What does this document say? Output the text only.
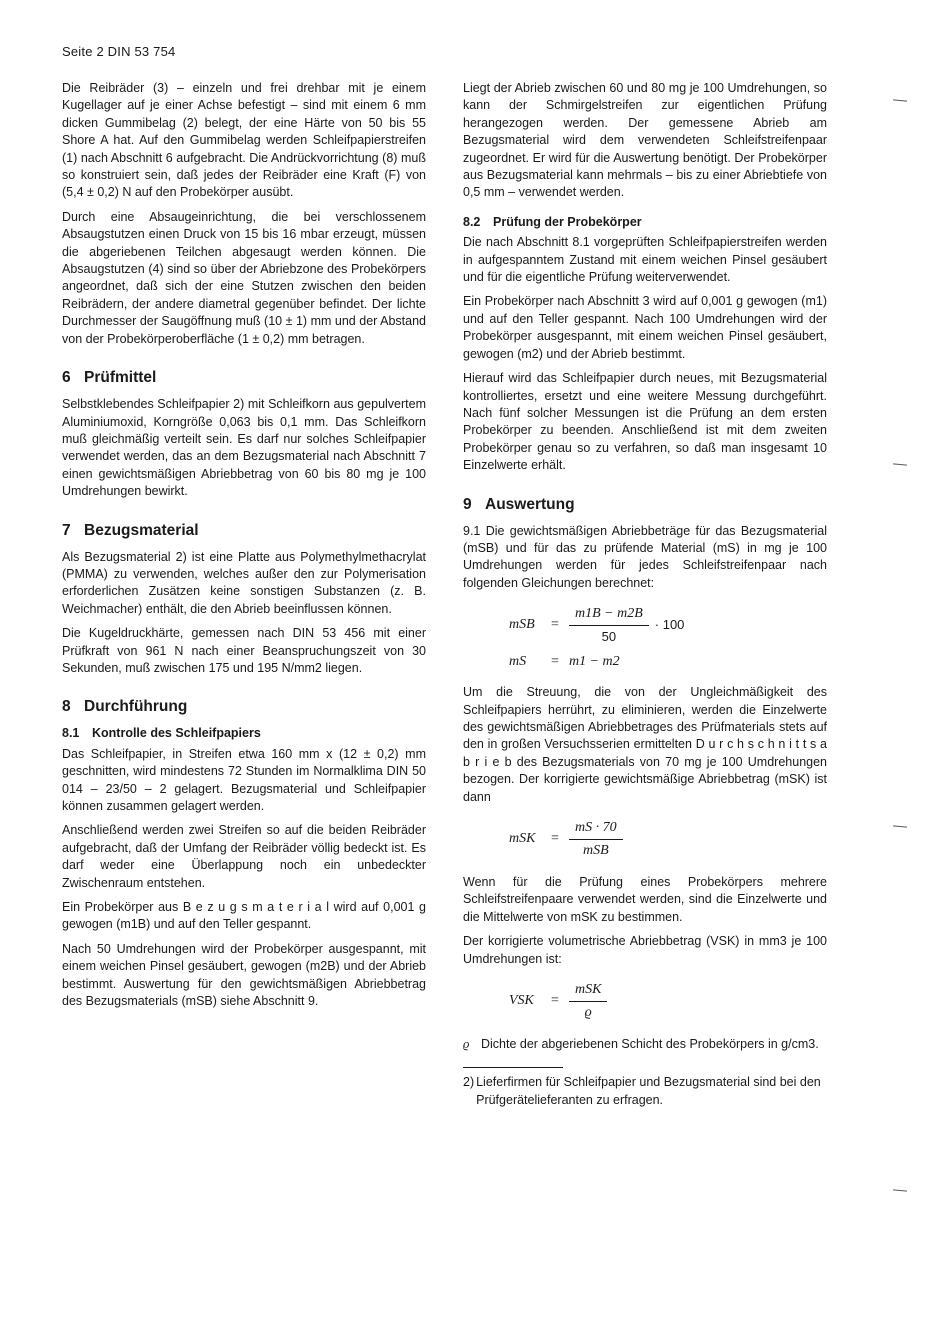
Seite 2 DIN 53 754

Die Reibräder (3) – einzeln und frei drehbar mit je einem Kugellager auf je einer Achse befestigt – sind mit einem 6 mm dicken Gummibelag (2) belegt, der eine Härte von 50 bis 55 Shore A hat. Auf den Gummibelag werden Schleifpapierstreifen (1) nach Abschnitt 6 aufgebracht. Die Andrückvorrichtung (8) muß so konstruiert sein, daß jedes der Reibräder eine Kraft (F) von (5,4 ± 0,2) N auf den Probekörper ausübt.

Durch eine Absaugeinrichtung, die bei verschlossenem Absaugstutzen einen Druck von 15 bis 16 mbar erzeugt, müssen die abgeriebenen Teilchen abgesaugt werden können. Die Absaugstutzen (4) sind so über der Abriebzone des Probekörpers angeordnet, daß sich der eine Stutzen zwischen den beiden Reibrädern, der andere diametral gegenüber befindet. Der lichte Durchmesser der Saugöffnung muß (10 ± 1) mm und der Abstand von der Probekörperoberfläche (1 ± 0,2) mm betragen.

6 Prüfmittel

Selbstklebendes Schleifpapier 2) mit Schleifkorn aus gepulvertem Aluminiumoxid, Korngröße 0,063 bis 0,1 mm. Das Schleifkorn muß gleichmäßig verteilt sein. Es darf nur solches Schleifpapier verwendet werden, das an dem Bezugsmaterial nach Abschnitt 7 einen gewichtsmäßigen Abriebbetrag von 60 bis 80 mg je 100 Umdrehungen bewirkt.

7 Bezugsmaterial

Als Bezugsmaterial 2) ist eine Platte aus Polymethylmethacrylat (PMMA) zu verwenden, welches außer den zur Polymerisation erforderlichen Zusätzen keine sonstigen Substanzen (z. B. Weichmacher) enthält, die den Abrieb beeinflussen können.

Die Kugeldruckhärte, gemessen nach DIN 53 456 mit einer Prüfkraft von 961 N nach einer Beanspruchungszeit von 30 Sekunden, muß zwischen 175 und 195 N/mm2 liegen.

8 Durchführung
8.1 Kontrolle des Schleifpapiers

Das Schleifpapier, in Streifen etwa 160 mm x (12 ± 0,2) mm geschnitten, wird mindestens 72 Stunden im Normalklima DIN 50 014 – 23/50 – 2 gelagert. Bezugsmaterial und Schleifpapier können zusammen gelagert werden.

Anschließend werden zwei Streifen so auf die beiden Reibräder aufgebracht, daß der Umfang der Reibräder völlig bedeckt ist. Es darf weder eine Überlappung noch ein unbedeckter Zwischenraum entstehen.

Ein Probekörper aus B e z u g s m a t e r i a l wird auf 0,001 g gewogen (m1B) und auf den Teller gespannt.

Nach 50 Umdrehungen wird der Probekörper ausgespannt, mit einem weichen Pinsel gesäubert, gewogen (m2B) und der Abrieb bestimmt. Auswertung für den gewichtsmäßigen Abriebbetrag des Bezugsmaterials (mSB) siehe Abschnitt 9.

Liegt der Abrieb zwischen 60 und 80 mg je 100 Umdrehungen, so kann der Schmirgelstreifen zur eigentlichen Prüfung herangezogen werden. Der gemessene Abrieb am Bezugsmaterial wird dem verwendeten Schleifstreifenpaar zugeordnet. Er wird für die Auswertung benötigt. Der Probekörper aus Bezugsmaterial kann mehrmals – bis zu einer Abriebtiefe von 0,5 mm – verwendet werden.

8.2 Prüfung der Probekörper

Die nach Abschnitt 8.1 vorgeprüften Schleifpapierstreifen werden in aufgespanntem Zustand mit einem weichen Pinsel gesäubert und für die eigentliche Prüfung weiterverwendet.

Ein Probekörper nach Abschnitt 3 wird auf 0,001 g gewogen (m1) und auf den Teller gespannt. Nach 100 Umdrehungen wird der Probekörper ausgespannt, mit einem weichen Pinsel gesäubert, gewogen (m2) und der Abrieb bestimmt.

Hierauf wird das Schleifpapier durch neues, mit Bezugsmaterial kontrolliertes, ersetzt und eine weitere Messung durchgeführt. Nach fünf solcher Messungen ist die Prüfung an dem ersten Probekörper zu beenden. Anschließend ist mit dem zweiten Probekörper genau so zu verfahren, so daß man insgesamt 10 Einzelwerte erhält.

9 Auswertung

9.1 Die gewichtsmäßigen Abriebbeträge für das Bezugsmaterial (mSB) und für das zu prüfende Material (mS) in mg je 100 Umdrehungen werden für jedes Schleifstreifenpaar nach folgenden Gleichungen berechnet:

mSB	= $\frac{m1B - m2B}{50} \cdot 100$
mS	= m1 − m2

Um die Streuung, die von der Ungleichmäßigkeit des Schleifpapiers herrührt, zu eliminieren, werden die Einzelwerte des gewichtsmäßigen Abriebbetrages des Prüfmaterials stets auf den in großen Versuchsserien ermittelten D u r c h s c h n i t t s a b r i e b des Bezugsmaterials von 70 mg je 100 Umdrehungen bezogen. Der korrigierte gewichtsmäßige Abriebbetrag (mSK) ist dann

mSK	= $\frac{mS \cdot 70}{\text{mSB}}$

Wenn für die Prüfung eines Probekörpers mehrere Schleifstreifenpaare verwendet werden, sind die Einzelwerte und die Mittelwerte von mSK zu bestimmen.

Der korrigierte volumetrische Abriebbetrag (VSK) in mm3 je 100 Umdrehungen ist:

VSK	= $\frac{\text{mSK}}{ϱ}$
ϱ Dichte der abgeriebenen Schicht des Probekörpers in g/cm3.
2) Lieferfirmen für Schleifpapier und Bezugsmaterial sind bei den Prüfgerätelieferanten zu erfragen.
